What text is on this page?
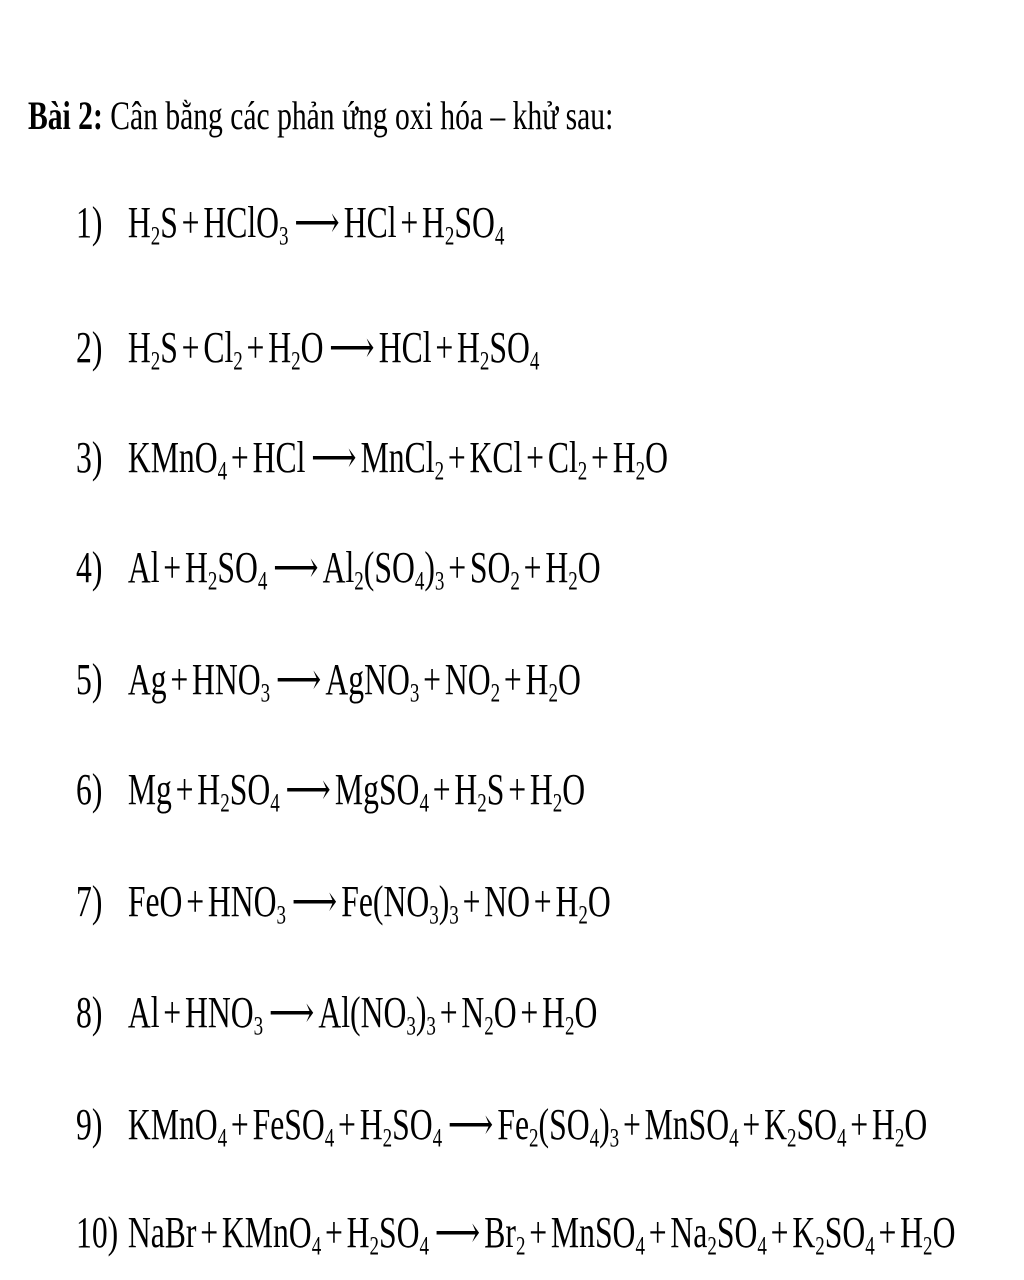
Bài 2: Cân bằng các phản ứng oxi hóa – khử sau:
1) $H_2S+HClO_3$ ⟶ $HCl+H_2SO_4$
2) $H_2S+Cl_2+H_2O$ ⟶ $HCl+H_2SO_4$
3) KMnO$_4$+HCl ⟶ $MnCl_2+KCl+Cl_2+H_2O$
4) $Al+H_2SO_4$ ⟶ $Al_2(SO_4)_3+SO_2+H_2O$
5) $Ag+HNO_3$ ⟶ $AgNO_3+NO_2+H_2O$
6) $Mg+H_2SO_4$ ⟶ $MgSO_4+H_2S+H_2O$
7) $FeO+HNO_3$ ⟶ $Fe(NO_3)_3+NO+H_2O$
8) $Al+HNO_3$ ⟶ $Al(NO_3)_3+N_2O+H_2O$
9) $KMnO_4+FeSO_4+H_2SO_4$ ⟶ $Fe_2(SO_4)_3+MnSO_4+K_2SO_4+H_2O$
10) $NaBr+KMnO_4+H_2SO_4$ ⟶ $Br_2+MnSO_4+Na_2SO_4+K_2SO_4+H_2O$
